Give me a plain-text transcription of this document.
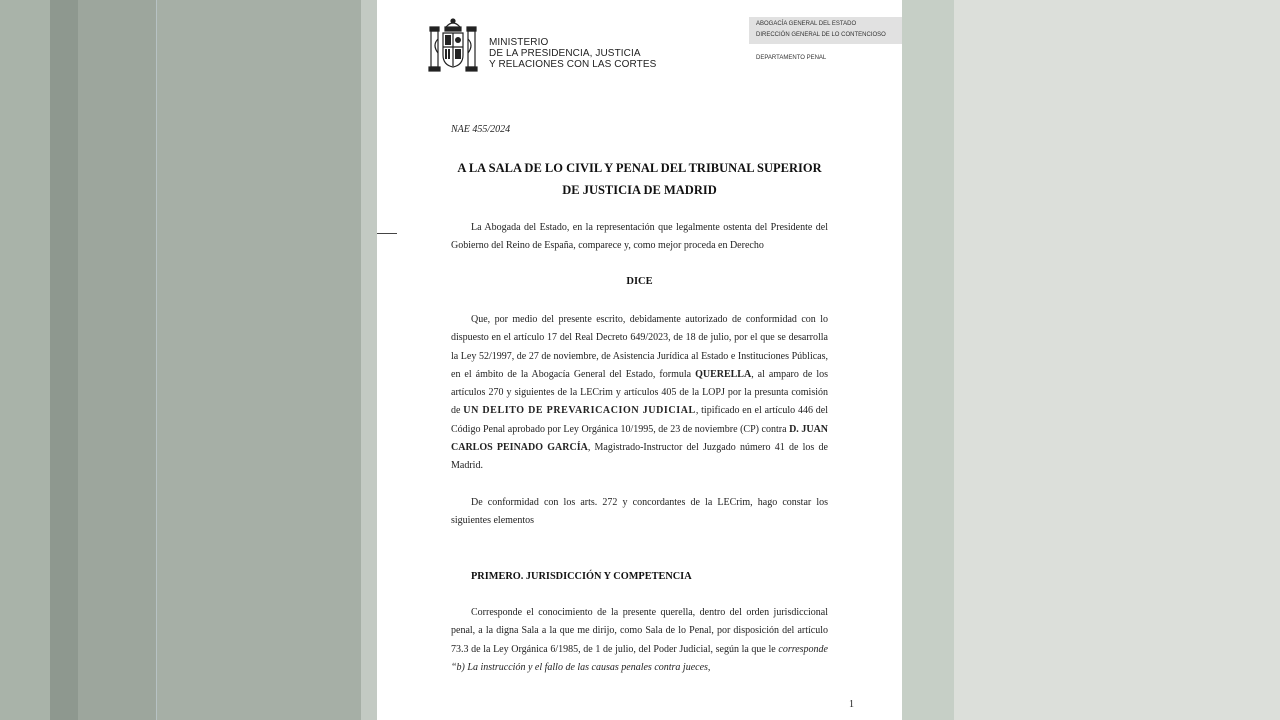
MINISTERIO
DE LA PRESIDENCIA, JUSTICIA
Y RELACIONES CON LAS CORTES
ABOGACÍA GENERAL DEL ESTADO
DIRECCIÓN GENERAL DE LO CONTENCIOSO
DEPARTAMENTO PENAL
NAE 455/2024
A LA SALA DE LO CIVIL Y PENAL DEL TRIBUNAL SUPERIOR
DE JUSTICIA DE MADRID
La Abogada del Estado, en la representación que legalmente ostenta del Presidente del Gobierno del Reino de España, comparece y, como mejor proceda en Derecho
DICE
Que, por medio del presente escrito, debidamente autorizado de conformidad con lo dispuesto en el artículo 17 del Real Decreto 649/2023, de 18 de julio, por el que se desarrolla la Ley 52/1997, de 27 de noviembre, de Asistencia Jurídica al Estado e Instituciones Públicas, en el ámbito de la Abogacía General del Estado, formula QUERELLA, al amparo de los artículos 270 y siguientes de la LECrim y artículos 405 de la LOPJ por la presunta comisión de UN DELITO DE PREVARICACION JUDICIAL, tipificado en el artículo 446 del Código Penal aprobado por Ley Orgánica 10/1995, de 23 de noviembre (CP) contra D. JUAN CARLOS PEINADO GARCÍA, Magistrado-Instructor del Juzgado número 41 de los de Madrid.
De conformidad con los arts. 272 y concordantes de la LECrim, hago constar los siguientes elementos
PRIMERO. JURISDICCIÓN Y COMPETENCIA
Corresponde el conocimiento de la presente querella, dentro del orden jurisdiccional penal, a la digna Sala a la que me dirijo, como Sala de lo Penal, por disposición del artículo 73.3 de la Ley Orgánica 6/1985, de 1 de julio, del Poder Judicial, según la que le corresponde “b) La instrucción y el fallo de las causas penales contra jueces,
1
